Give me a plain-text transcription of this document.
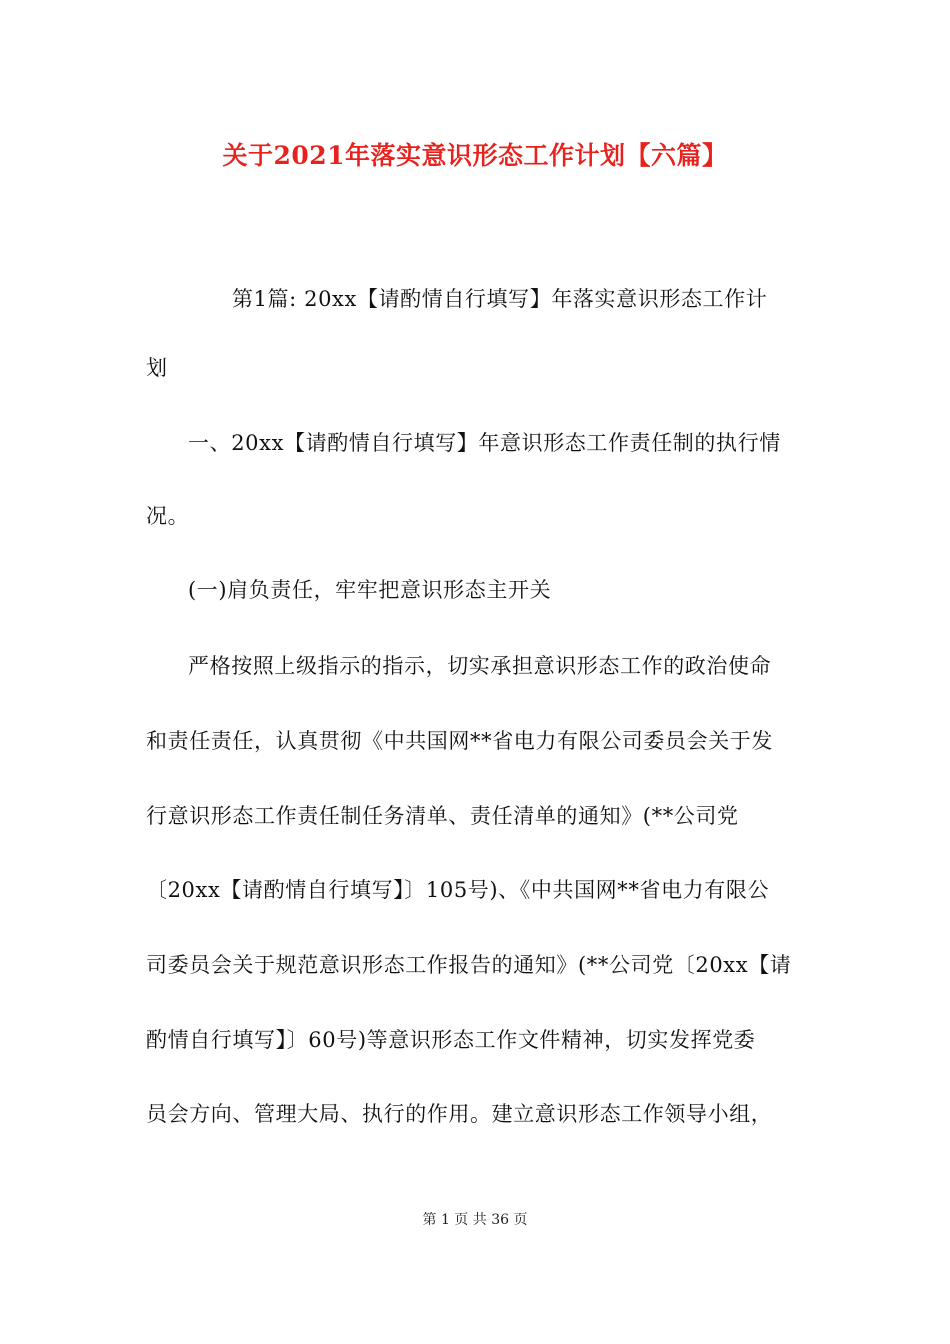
关于2021年落实意识形态工作计划【六篇】
第1篇: 20xx【请酌情自行填写】年落实意识形态工作计
划
一、20xx【请酌情自行填写】年意识形态工作责任制的执行情
况。
(一)肩负责任，牢牢把意识形态主开关
严格按照上级指示的指示，切实承担意识形态工作的政治使命
和责任责任，认真贯彻《中共国网**省电力有限公司委员会关于发
行意识形态工作责任制任务清单、责任清单的通知》(**公司党
〔20xx【请酌情自行填写】〕105号)、《中共国网**省电力有限公
司委员会关于规范意识形态工作报告的通知》(**公司党〔20xx【请
酌情自行填写】〕60号)等意识形态工作文件精神，切实发挥党委
员会方向、管理大局、执行的作用。建立意识形态工作领导小组，
第 1 页 共 36 页
